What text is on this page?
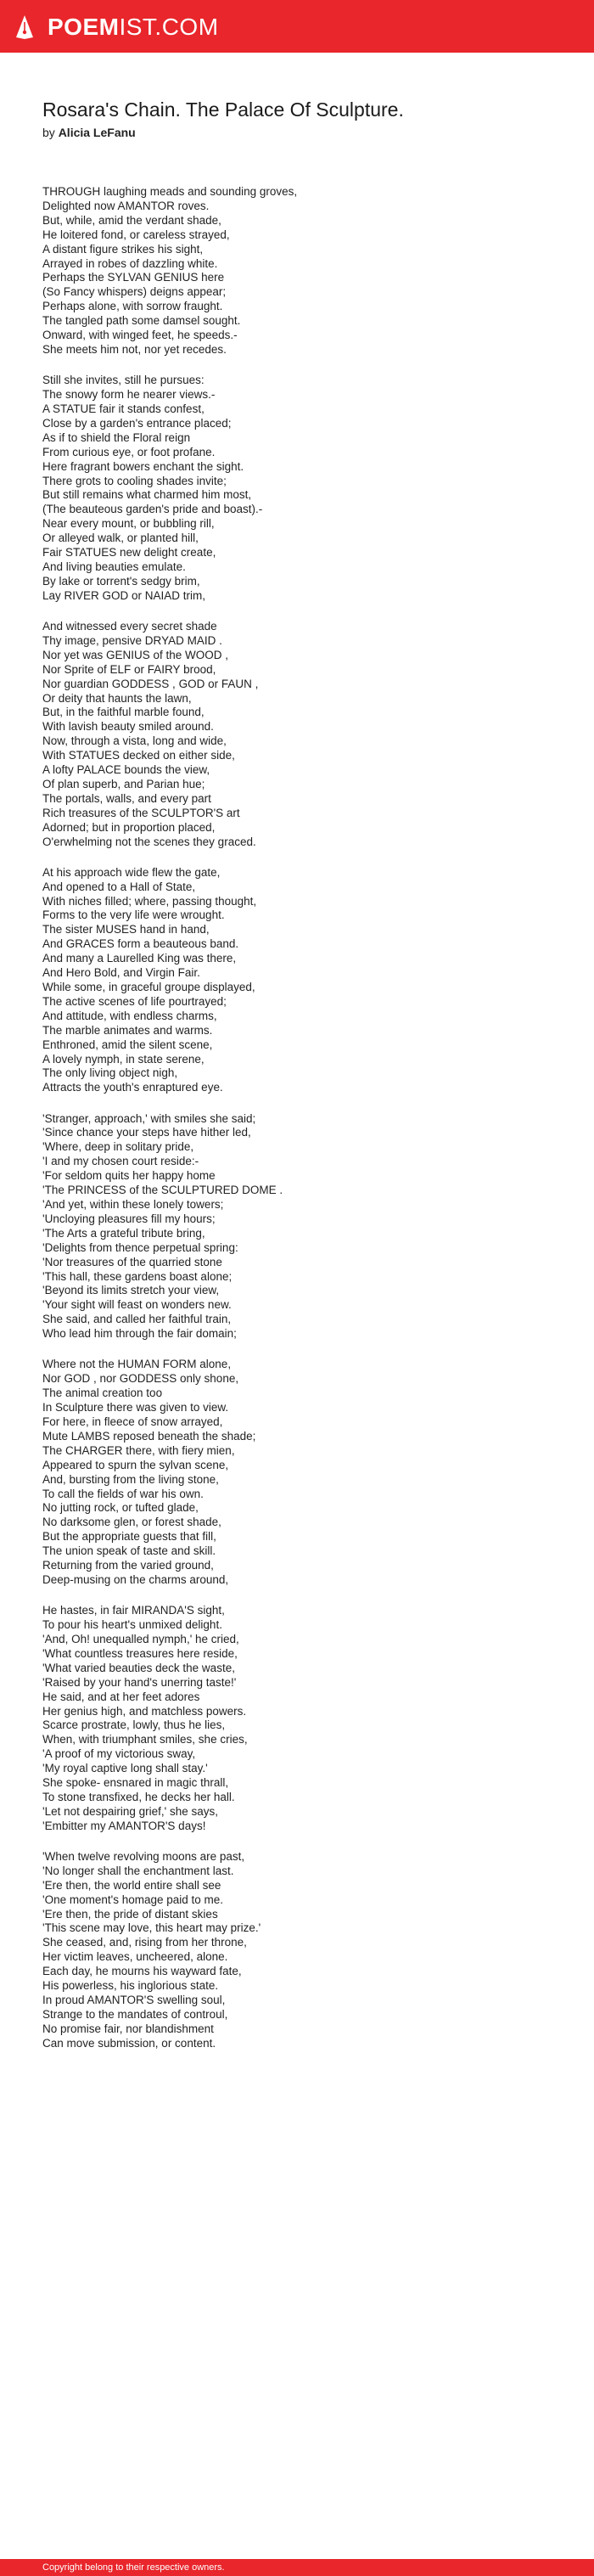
POEMIST.COM
Rosara's Chain. The Palace Of Sculpture.
by Alicia LeFanu
THROUGH laughing meads and sounding groves,
Delighted now AMANTOR roves.
But, while, amid the verdant shade,
He loitered fond, or careless strayed,
A distant figure strikes his sight,
Arrayed in robes of dazzling white.
Perhaps the SYLVAN GENIUS here
(So Fancy whispers) deigns appear;
Perhaps alone, with sorrow fraught.
The tangled path some damsel sought.
Onward, with winged feet, he speeds.-
She meets him not, nor yet recedes.
Still she invites, still he pursues:
The snowy form he nearer views.-
A STATUE fair it stands confest,
Close by a garden's entrance placed;
As if to shield the Floral reign
From curious eye, or foot profane.
Here fragrant bowers enchant the sight.
There grots to cooling shades invite;
But still remains what charmed him most,
(The beauteous garden's pride and boast).-
Near every mount, or bubbling rill,
Or alleyed walk, or planted hill,
Fair STATUES new delight create,
And living beauties emulate.
By lake or torrent's sedgy brim,
Lay RIVER GOD or NAIAD trim,
And witnessed every secret shade
Thy image, pensive DRYAD MAID .
Nor yet was GENIUS of the WOOD ,
Nor Sprite of ELF or FAIRY brood,
Nor guardian GODDESS , GOD or FAUN ,
Or deity that haunts the lawn,
But, in the faithful marble found,
With lavish beauty smiled around.
Now, through a vista, long and wide,
With STATUES decked on either side,
A lofty PALACE bounds the view,
Of plan superb, and Parian hue;
The portals, walls, and every part
Rich treasures of the SCULPTOR'S art
Adorned; but in proportion placed,
O'erwhelming not the scenes they graced.
At his approach wide flew the gate,
And opened to a Hall of State,
With niches filled; where, passing thought,
Forms to the very life were wrought.
The sister MUSES hand in hand,
And GRACES form a beauteous band.
And many a Laurelled King was there,
And Hero Bold, and Virgin Fair.
While some, in graceful groupe displayed,
The active scenes of life pourtrayed;
And attitude, with endless charms,
The marble animates and warms.
Enthroned, amid the silent scene,
A lovely nymph, in state serene,
The only living object nigh,
Attracts the youth's enraptured eye.
'Stranger, approach,' with smiles she said;
'Since chance your steps have hither led,
'Where, deep in solitary pride,
'I and my chosen court reside:-
'For seldom quits her happy home
'The PRINCESS of the SCULPTURED DOME .
'And yet, within these lonely towers;
'Uncloying pleasures fill my hours;
'The Arts a grateful tribute bring,
'Delights from thence perpetual spring:
'Nor treasures of the quarried stone
'This hall, these gardens boast alone;
'Beyond its limits stretch your view,
'Your sight will feast on wonders new.
She said, and called her faithful train,
Who lead him through the fair domain;
Where not the HUMAN FORM alone,
Nor GOD , nor GODDESS only shone,
The animal creation too
In Sculpture there was given to view.
For here, in fleece of snow arrayed,
Mute LAMBS reposed beneath the shade;
The CHARGER there, with fiery mien,
Appeared to spurn the sylvan scene,
And, bursting from the living stone,
To call the fields of war his own.
No jutting rock, or tufted glade,
No darksome glen, or forest shade,
But the appropriate guests that fill,
The union speak of taste and skill.
Returning from the varied ground,
Deep-musing on the charms around,
He hastes, in fair MIRANDA'S sight,
To pour his heart's unmixed delight.
'And, Oh! unequalled nymph,' he cried,
'What countless treasures here reside,
'What varied beauties deck the waste,
'Raised by your hand's unerring taste!'
He said, and at her feet adores
Her genius high, and matchless powers.
Scarce prostrate, lowly, thus he lies,
When, with triumphant smiles, she cries,
'A proof of my victorious sway,
'My royal captive long shall stay.'
She spoke- ensnared in magic thrall,
To stone transfixed, he decks her hall.
'Let not despairing grief,' she says,
'Embitter my AMANTOR'S days!
'When twelve revolving moons are past,
'No longer shall the enchantment last.
'Ere then, the world entire shall see
'One moment's homage paid to me.
'Ere then, the pride of distant skies
'This scene may love, this heart may prize.'
She ceased, and, rising from her throne,
Her victim leaves, uncheered, alone.
Each day, he mourns his wayward fate,
His powerless, his inglorious state.
In proud AMANTOR'S swelling soul,
Strange to the mandates of controul,
No promise fair, nor blandishment
Can move submission, or content.
Copyright belong to their respective owners.
